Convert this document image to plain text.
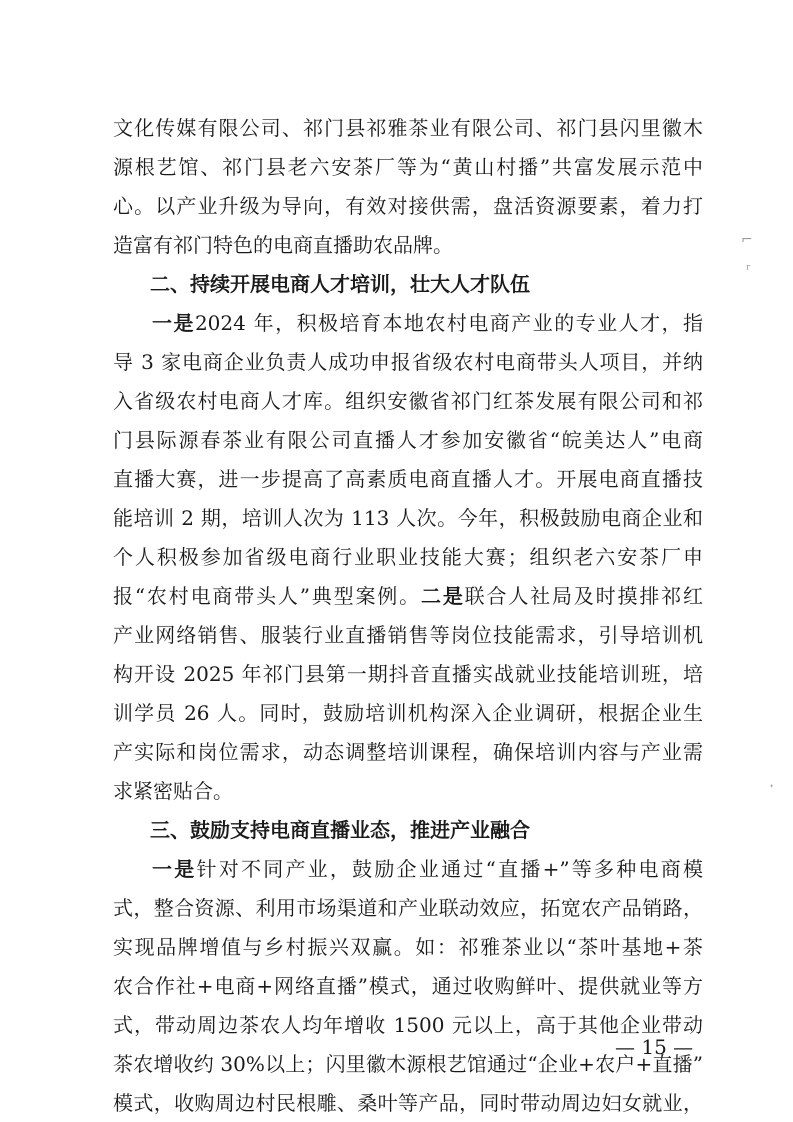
文化传媒有限公司、祁门县祁雅茶业有限公司、祁门县闪里徽木
源根艺馆、祁门县老六安茶厂等为“黄山村播”共富发展示范中
心。以产业升级为导向，有效对接供需，盘活资源要素，着力打
造富有祁门特色的电商直播助农品牌。
二、持续开展电商人才培训，壮大人才队伍
一是2024 年，积极培育本地农村电商产业的专业人才，指
导 3 家电商企业负责人成功申报省级农村电商带头人项目，并纳
入省级农村电商人才库。组织安徽省祁门红茶发展有限公司和祁
门县际源春茶业有限公司直播人才参加安徽省“皖美达人”电商
直播大赛，进一步提高了高素质电商直播人才。开展电商直播技
能培训 2 期，培训人次为 113 人次。今年，积极鼓励电商企业和
个人积极参加省级电商行业职业技能大赛；组织老六安茶厂申
报“农村电商带头人”典型案例。二是联合人社局及时摸排祁红
产业网络销售、服装行业直播销售等岗位技能需求，引导培训机
构开设 2025 年祁门县第一期抖音直播实战就业技能培训班，培
训学员 26 人。同时，鼓励培训机构深入企业调研，根据企业生
产实际和岗位需求，动态调整培训课程，确保培训内容与产业需
求紧密贴合。
三、鼓励支持电商直播业态，推进产业融合
一是针对不同产业，鼓励企业通过“直播+”等多种电商模
式，整合资源、利用市场渠道和产业联动效应，拓宽农产品销路，
实现品牌增值与乡村振兴双赢。如：祁雅茶业以“茶叶基地+茶
农合作社+电商+网络直播”模式，通过收购鲜叶、提供就业等方
式，带动周边茶农人均年增收 1500 元以上，高于其他企业带动
茶农增收约 30%以上；闪里徽木源根艺馆通过“企业+农户+直播”
模式，收购周边村民根雕、桑叶等产品，同时带动周边妇女就业，
— 15 —
⌐
ʳ
᾿
